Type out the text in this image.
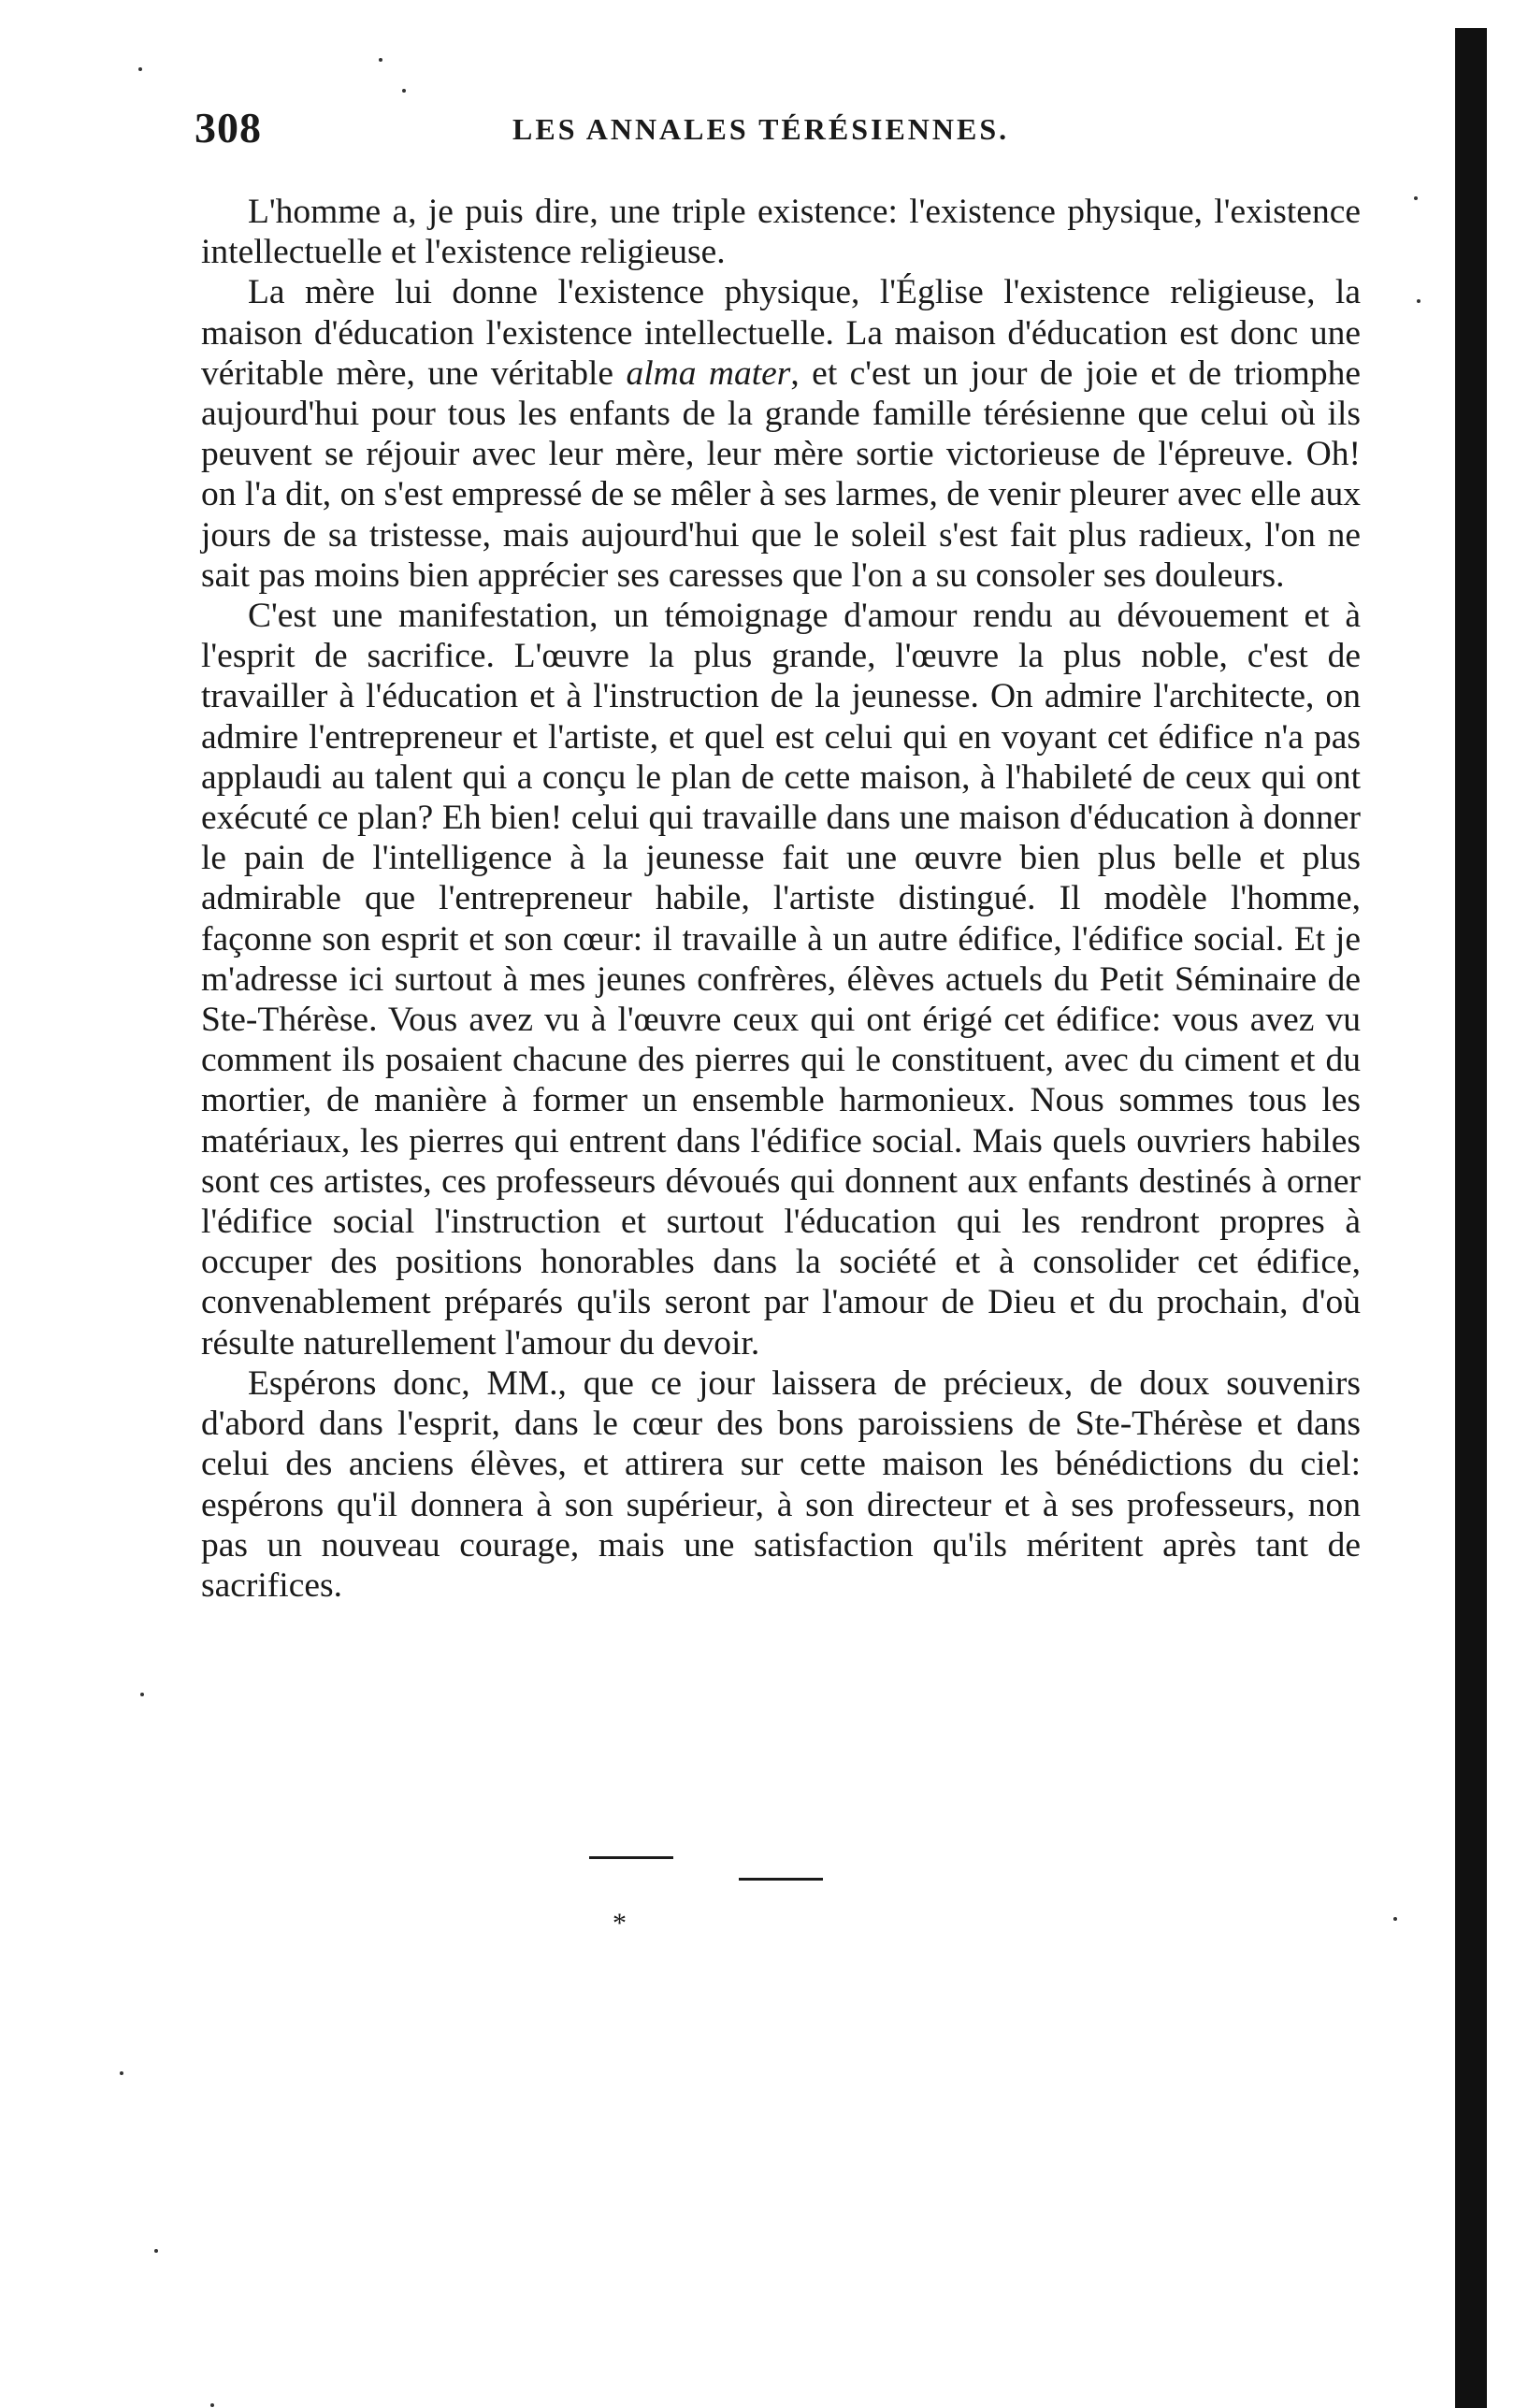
308	LES ANNALES TÉRÉSIENNES.

L'homme a, je puis dire, une triple existence: l'existence physique, l'existence intellectuelle et l'existence religieuse.

La mère lui donne l'existence physique, l'Église l'existence religieuse, la maison d'éducation l'existence intellectuelle. La maison d'éducation est donc une véritable mère, une véritable alma mater, et c'est un jour de joie et de triomphe aujourd'hui pour tous les enfants de la grande famille térésienne que celui où ils peuvent se réjouir avec leur mère, leur mère sortie victorieuse de l'épreuve. Oh! on l'a dit, on s'est empressé de se mêler à ses larmes, de venir pleurer avec elle aux jours de sa tristesse, mais aujourd'hui que le soleil s'est fait plus radieux, l'on ne sait pas moins bien apprécier ses caresses que l'on a su consoler ses douleurs.

C'est une manifestation, un témoignage d'amour rendu au dévouement et à l'esprit de sacrifice. L'œuvre la plus grande, l'œuvre la plus noble, c'est de travailler à l'éducation et à l'instruction de la jeunesse. On admire l'architecte, on admire l'entrepreneur et l'artiste, et quel est celui qui en voyant cet édifice n'a pas applaudi au talent qui a conçu le plan de cette maison, à l'habileté de ceux qui ont exécuté ce plan? Eh bien! celui qui travaille dans une maison d'éducation à donner le pain de l'intelligence à la jeunesse fait une œuvre bien plus belle et plus admirable que l'entrepreneur habile, l'artiste distingué. Il modèle l'homme, façonne son esprit et son cœur: il travaille à un autre édifice, l'édifice social. Et je m'adresse ici surtout à mes jeunes confrères, élèves actuels du Petit Séminaire de Ste-Thérèse. Vous avez vu à l'œuvre ceux qui ont érigé cet édifice: vous avez vu comment ils posaient chacune des pierres qui le constituent, avec du ciment et du mortier, de manière à former un ensemble harmonieux. Nous sommes tous les matériaux, les pierres qui entrent dans l'édifice social. Mais quels ouvriers habiles sont ces artistes, ces professeurs dévoués qui donnent aux enfants destinés à orner l'édifice social l'instruction et surtout l'éducation qui les rendront propres à occuper des positions honorables dans la société et à consolider cet édifice, convenablement préparés qu'ils seront par l'amour de Dieu et du prochain, d'où résulte naturellement l'amour du devoir.

Espérons donc, MM., que ce jour laissera de précieux, de doux souvenirs d'abord dans l'esprit, dans le cœur des bons paroissiens de Ste-Thérèse et dans celui des anciens élèves, et attirera sur cette maison les bénédictions du ciel: espérons qu'il donnera à son supérieur, à son directeur et à ses professeurs, non pas un nouveau courage, mais une satisfaction qu'ils méritent après tant de sacrifices.

*
